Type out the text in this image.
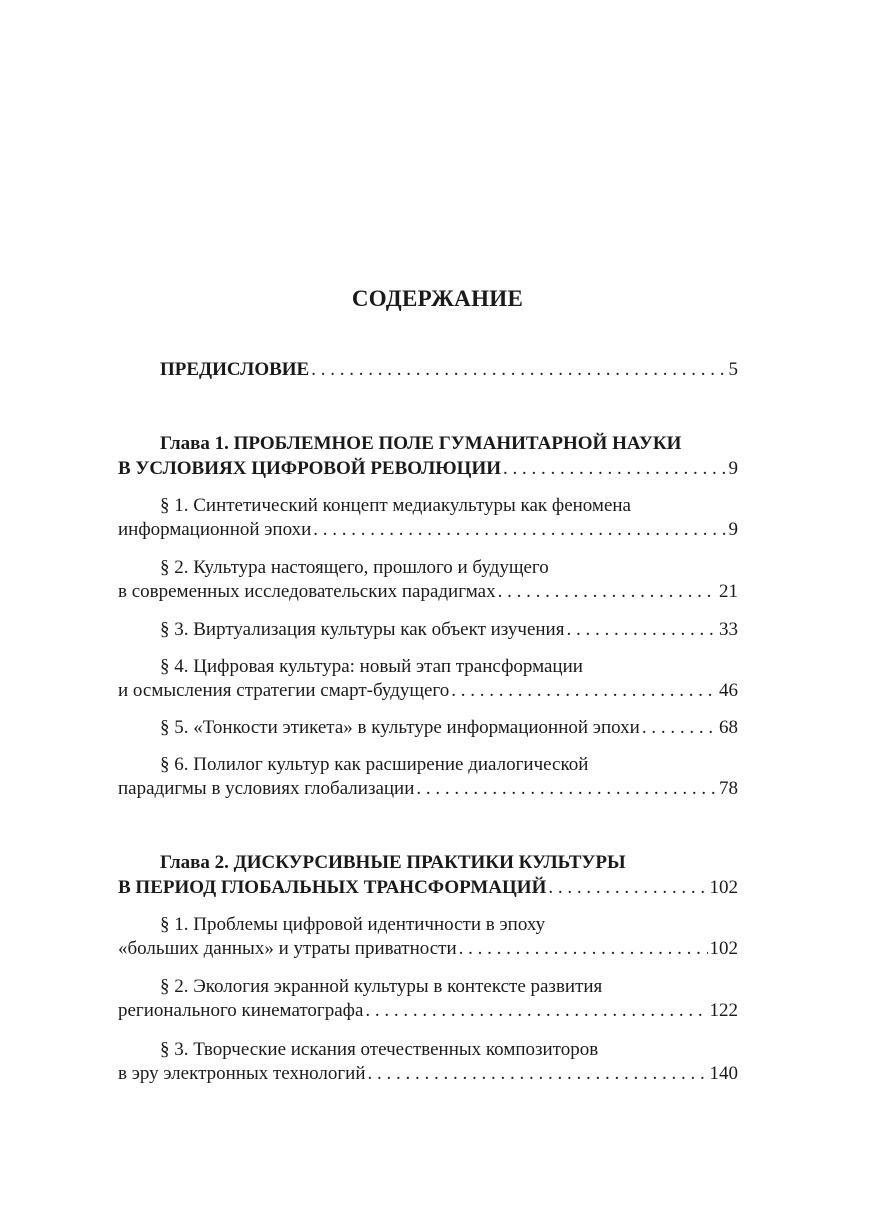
СОДЕРЖАНИЕ
ПРЕДИСЛОВИЕ . . .	5
Глава 1. ПРОБЛЕМНОЕ ПОЛЕ ГУМАНИТАРНОЙ НАУКИ
В УСЛОВИЯХ ЦИФРОВОЙ РЕВОЛЮЦИИ . . .	9
§ 1. Синтетический концепт медиакультуры как феномена
информационной эпохи . . .	9
§ 2. Культура настоящего, прошлого и будущего
в современных исследовательских парадигмах . . .	21
§ 3. Виртуализация культуры как объект изучения . . .	33
§ 4. Цифровая культура: новый этап трансформации
и осмысления стратегии смарт-будущего . . .	46
§ 5. «Тонкости этикета» в культуре информационной эпохи . . .	68
§ 6. Полилог культур как расширение диалогической
парадигмы в условиях глобализации . . .	78
Глава 2. ДИСКУРСИВНЫЕ ПРАКТИКИ КУЛЬТУРЫ
В ПЕРИОД ГЛОБАЛЬНЫХ ТРАНСФОРМАЦИЙ . . .	102
§ 1. Проблемы цифровой идентичности в эпоху
«больших данных» и утраты приватности . . .	102
§ 2. Экология экранной культуры в контексте развития
регионального кинематографа . . .	122
§ 3. Творческие искания отечественных композиторов
в эру электронных технологий . . .	140
